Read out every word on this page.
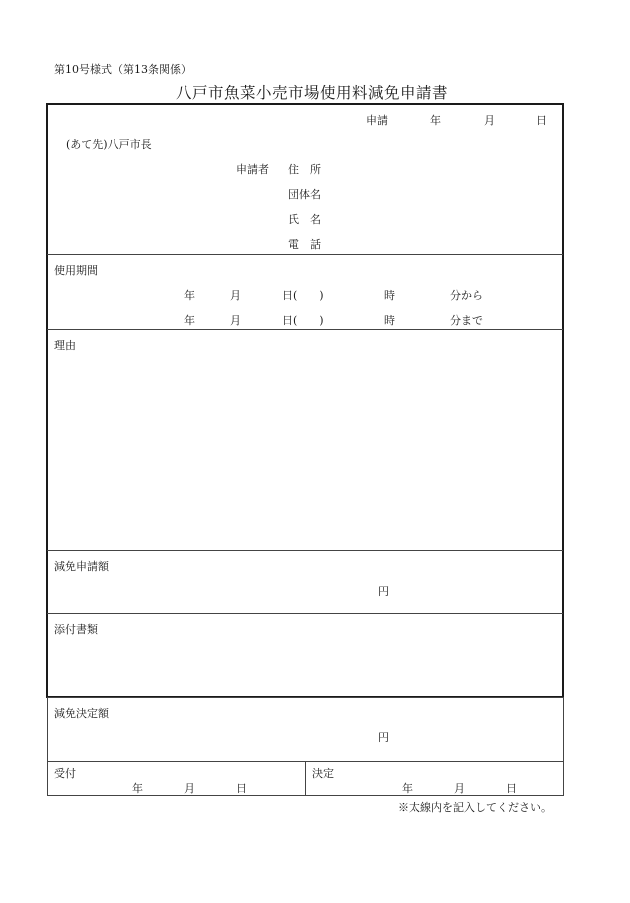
第10号様式（第13条関係）
八戸市魚菜小売市場使用料減免申請書
申請	年	月	日
(あて先)八戸市長
申請者 住　所
団体名
氏　名
電　話
使用期間
年	月	日(　　)	時	分から
年	月	日(　　)	時	分まで
理由
減免申請額
円
添付書類
減免決定額
円
受付
年	月	日
決定
年	月	日
※太線内を記入してください。
